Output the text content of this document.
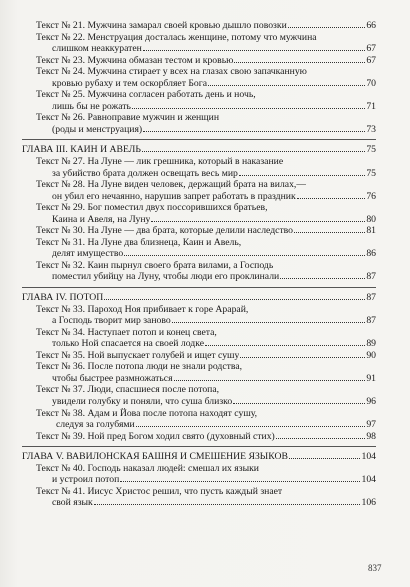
Текст № 21. Мужчина замарал своей кровью дышло повозки	66
Текст № 22. Менструация досталась женщине, потому что мужчина
слишком неаккуратен	67
Текст № 23. Мужчина обмазан тестом и кровью	67
Текст № 24. Мужчина стирает у всех на глазах свою запачканную
кровью рубаху и тем оскорбляет Бога	70
Текст № 25. Мужчина согласен работать день и ночь,
лишь бы не рожать	71
Текст № 26. Равноправие мужчин и женщин
(роды и менструация)	73
ГЛАВА III. КАИН И АВЕЛЬ	75
Текст № 27. На Луне — лик грешника, который в наказание
за убийство брата должен освещать весь мир	75
Текст № 28. На Луне виден человек, держащий брата на вилах,—
он убил его нечаянно, нарушив запрет работать в праздник	76
Текст № 29. Бог поместил двух поссорившихся братьев,
Каина и Авеля, на Луну	80
Текст № 30. На Луне — два брата, которые делили наследство	81
Текст № 31. На Луне два близнеца, Каин и Авель,
делят имущество	86
Текст № 32. Каин пырнул своего брата вилами, а Господь
поместил убийцу на Луну, чтобы люди его проклинали	87
ГЛАВА IV. ПОТОП	87
Текст № 33. Пароход Ноя прибивает к горе Арарай,
а Господь творит мир заново	87
Текст № 34. Наступает потоп и конец света,
только Ной спасается на своей лодке	89
Текст № 35. Ной выпускает голубей и ищет сушу	90
Текст № 36. После потопа люди не знали родства,
чтобы быстрее размножаться	91
Текст № 37. Люди, спасшиеся после потопа,
увидели голубку и поняли, что суша близко	96
Текст № 38. Адам и Йова после потопа находят сушу,
следуя за голубями	97
Текст № 39. Ной пред Богом ходил свято (духовный стих)	98
ГЛАВА V. ВАВИЛОНСКАЯ БАШНЯ И СМЕШЕНИЕ ЯЗЫКОВ	104
Текст № 40. Господь наказал людей: смешал их языки
и устроил потоп	104
Текст № 41. Иисус Христос решил, что пусть каждый знает
свой язык	106
837
